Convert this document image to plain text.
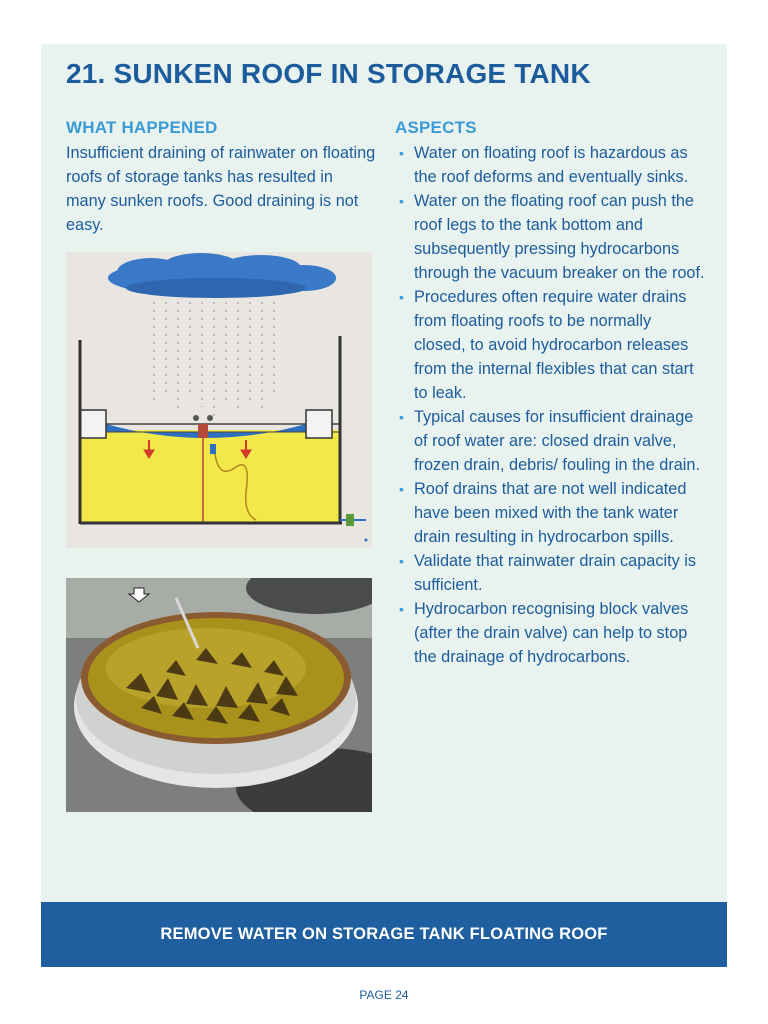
21. SUNKEN ROOF IN STORAGE TANK
WHAT HAPPENED

Insufficient draining of rainwater on floating roofs of storage tanks has resulted in many sunken roofs. Good draining is not easy.

ASPECTS
• Water on floating roof is hazardous as the roof deforms and eventually sinks.
• Water on the floating roof can push the roof legs to the tank bottom and subsequently pressing hydrocarbons through the vacuum breaker on the roof.
• Procedures often require water drains from floating roofs to be normally closed, to avoid hydrocarbon releases from the internal flexibles that can start to leak.
• Typical causes for insufficient drainage of roof water are: closed drain valve, frozen drain, debris/ fouling in the drain.
• Roof drains that are not well indicated have been mixed with the tank water drain resulting in hydrocarbon spills.
• Validate that rainwater drain capacity is sufficient.
• Hydrocarbon recognising block valves (after the drain valve) can help to stop the drainage of hydrocarbons.
REMOVE WATER ON STORAGE TANK FLOATING ROOF
PAGE 24
